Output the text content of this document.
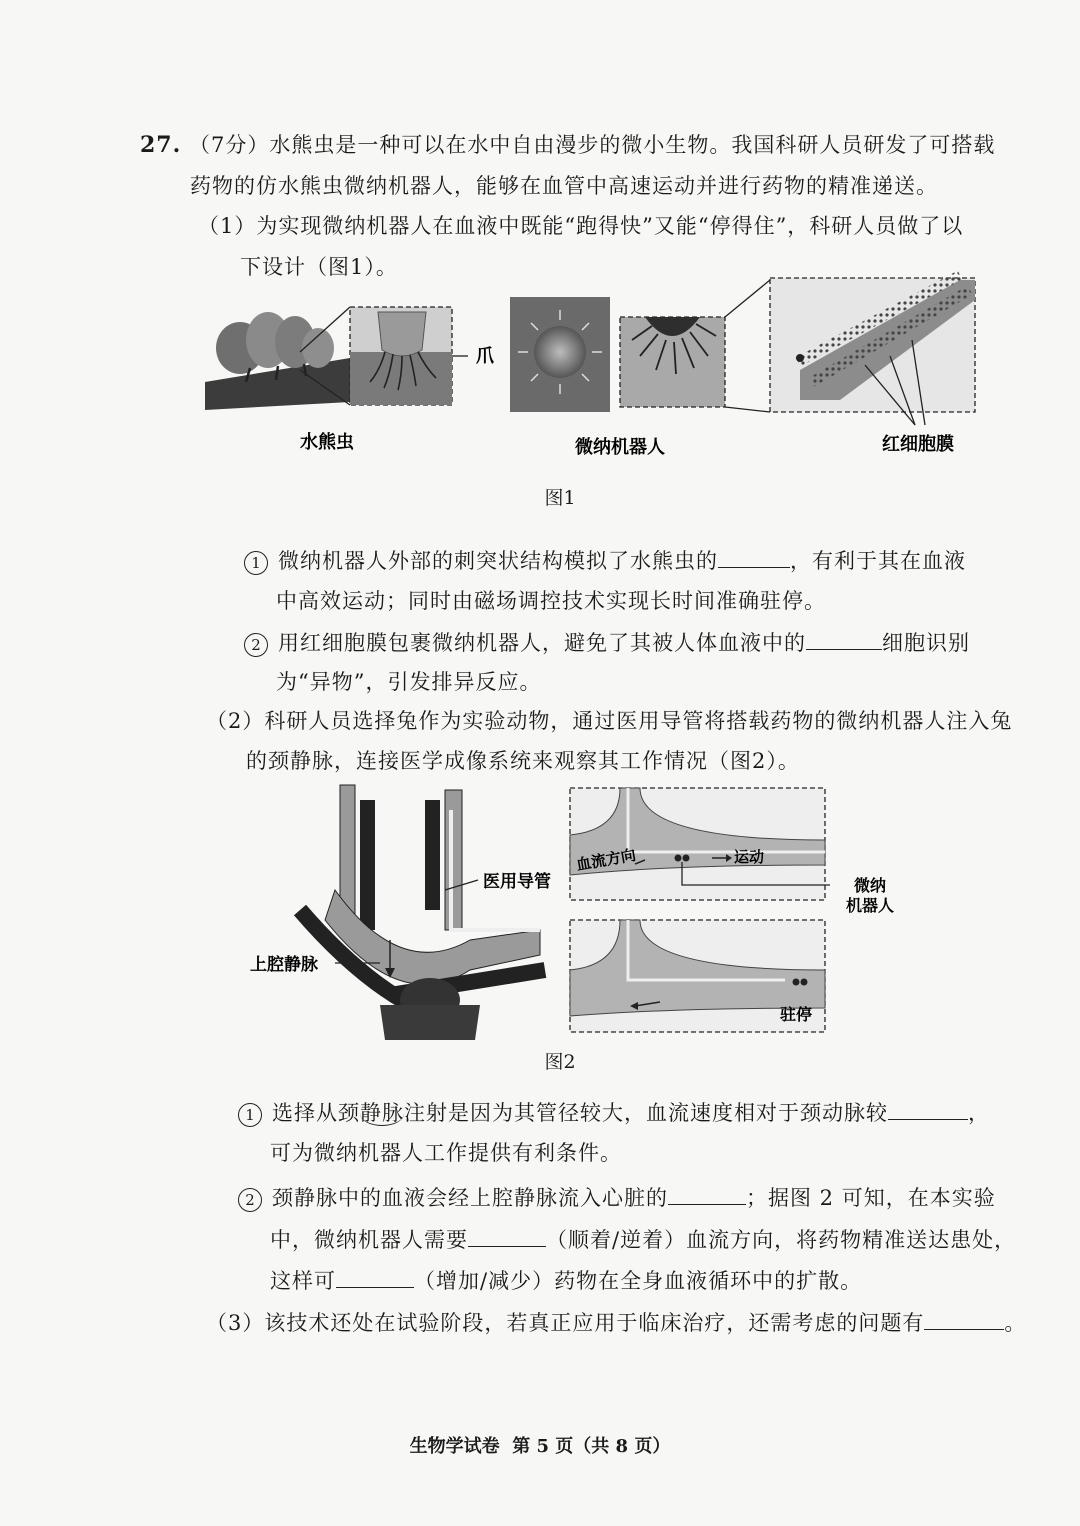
27. （7分）水熊虫是一种可以在水中自由漫步的微小生物。我国科研人员研发了可搭载
药物的仿水熊虫微纳机器人，能够在血管中高速运动并进行药物的精准递送。
（1）为实现微纳机器人在血液中既能“跑得快”又能“停得住”，科研人员做了以
下设计（图1）。
爪
水熊虫	微纳机器人	红细胞膜
图1
1 微纳机器人外部的刺突状结构模拟了水熊虫的	，有利于其在血液
中高效运动；同时由磁场调控技术实现长时间准确驻停。
2 用红细胞膜包裹微纳机器人，避免了其被人体血液中的	细胞识别
为“异物”，引发排异反应。
（2）科研人员选择兔作为实验动物，通过医用导管将搭载药物的微纳机器人注入兔
的颈静脉，连接医学成像系统来观察其工作情况（图2）。
医用导管
上腔静脉
血流方向	运动
微纳
机器人
驻停
图2
1 选择从颈静脉注射是因为其管径较大，血流速度相对于颈动脉较	，
可为微纳机器人工作提供有利条件。
2 颈静脉中的血液会经上腔静脉流入心脏的	；据图 2 可知，在本实验
中，微纳机器人需要	（顺着/逆着）血流方向，将药物精准送达患处，
这样可	（增加/减少）药物在全身血液循环中的扩散。
（3）该技术还处在试验阶段，若真正应用于临床治疗，还需考虑的问题有	。
生物学试卷  第 5 页（共 8 页）
